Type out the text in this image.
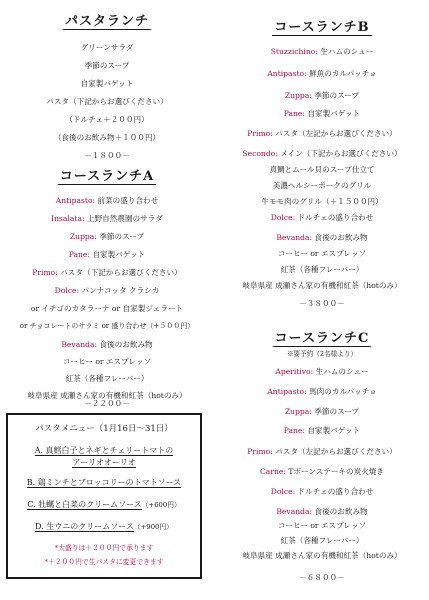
パスタランチ
グリーンサラダ
季節のスープ
自家製バゲット
パスタ（下記からお選びください）
（ドルチェ＋２００円）
（食後のお飲み物＋１００円）
－１８００－
コースランチA
Antipasto: 前菜の盛り合わせ
Insalata: 上野自然農園のサラダ
Zuppa: 季節のスープ
Pane: 自家製バゲット
Primo: パスタ（下記からお選びください）
Dolce: パンナコッタ クラシカ
or イチゴのカタラーナ or 自家製ジェラート
or チョコレートのサラミ or 盛り合わせ（+５００円）
Bevanda: 食後のお飲み物
コーヒー or エスプレッソ
紅茶（各種フレーバー）
岐阜県産 成瀬さん家の有機和紅茶（hotのみ）
－２２００－
パスタメニュー（1月16日～31日）
A. 真鱈白子とネギとチェリートマトの
アーリオオーリオ
B. 鶏ミンチとブロッコリーのトマトソース
C. 牡蠣と白菜のクリームソース（+600円）
D. 生ウニのクリームソース（+900円）
*大盛りは＋２００円で承ります
*＋２００円で生パスタに変更できます
コースランチB
Stuzzichino: 生ハムのシュー
Antipasto: 鮮魚のカルパッチョ
Zuppa: 季節のスープ
Pane: 自家製バゲット
Primo: パスタ（左記からお選びください）
Secondo: メイン（下記からお選びください）
真鯛とムール貝のスープ仕立て
美濃ヘルシーポークのグリル
牛モモ肉のグリル（＋１５００円）
Dolce: ドルチェの盛り合わせ
Bevanda: 食後のお飲み物
コーヒー or エスプレッソ
紅茶（各種フレーバー）
岐阜県産 成瀬さん家の有機和紅茶（hotのみ）
－３８００－
コースランチC
※要予約（2名様より）
Aperitivo: 生ハムのシュー
Antipasto: 馬肉のカルパッチョ
Zuppa: 季節のスープ
Pane: 自家製バゲット
Primo: パスタ（左記からお選びください）
Carne: Tボーンステーキの炭火焼き
Dolce: ドルチェの盛り合わせ
Bevanda: 食後のお飲み物
コーヒー or エスプレッソ
紅茶（各種フレーバー）
岐阜県産 成瀬さん家の有機和紅茶（hotのみ）
－６８００－
